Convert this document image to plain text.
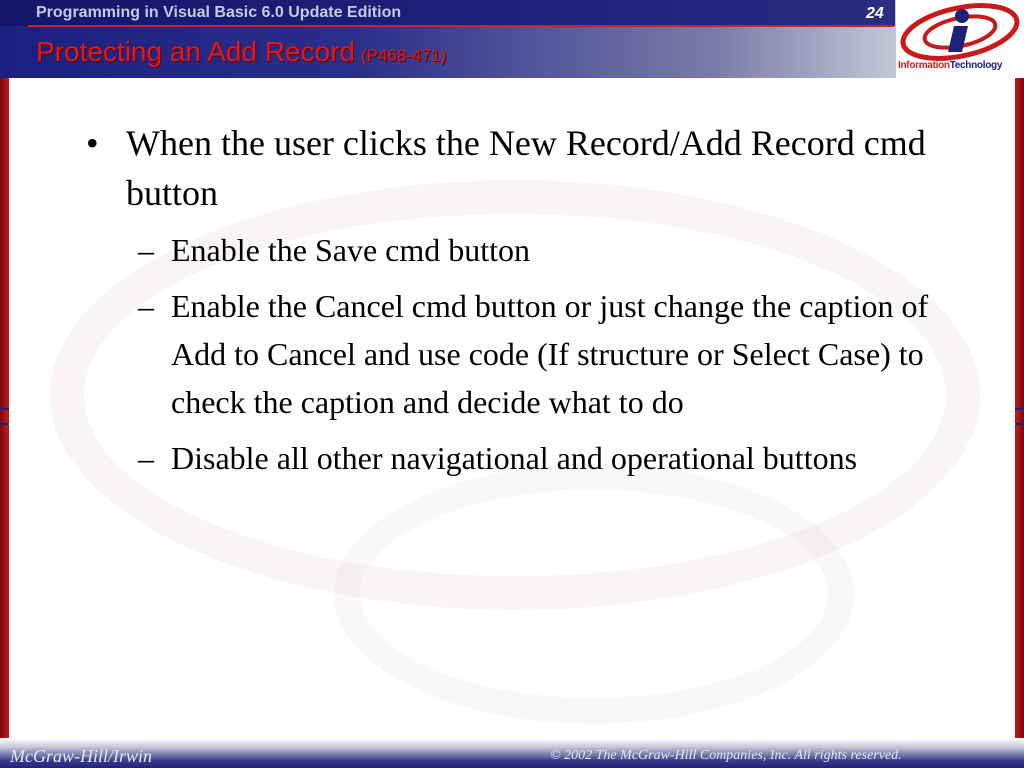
Programming in Visual Basic 6.0 Update Edition	24
Protecting an Add Record (P468-471)
InformationTechnology
• When the user clicks the New Record/Add Record cmd button
– Enable the Save cmd button
– Enable the Cancel cmd button or just change the caption of Add to Cancel and use code (If structure or Select Case) to check the caption and decide what to do
– Disable all other navigational and operational buttons
McGraw-Hill/Irwin	© 2002 The McGraw-Hill Companies, Inc. All rights reserved.
